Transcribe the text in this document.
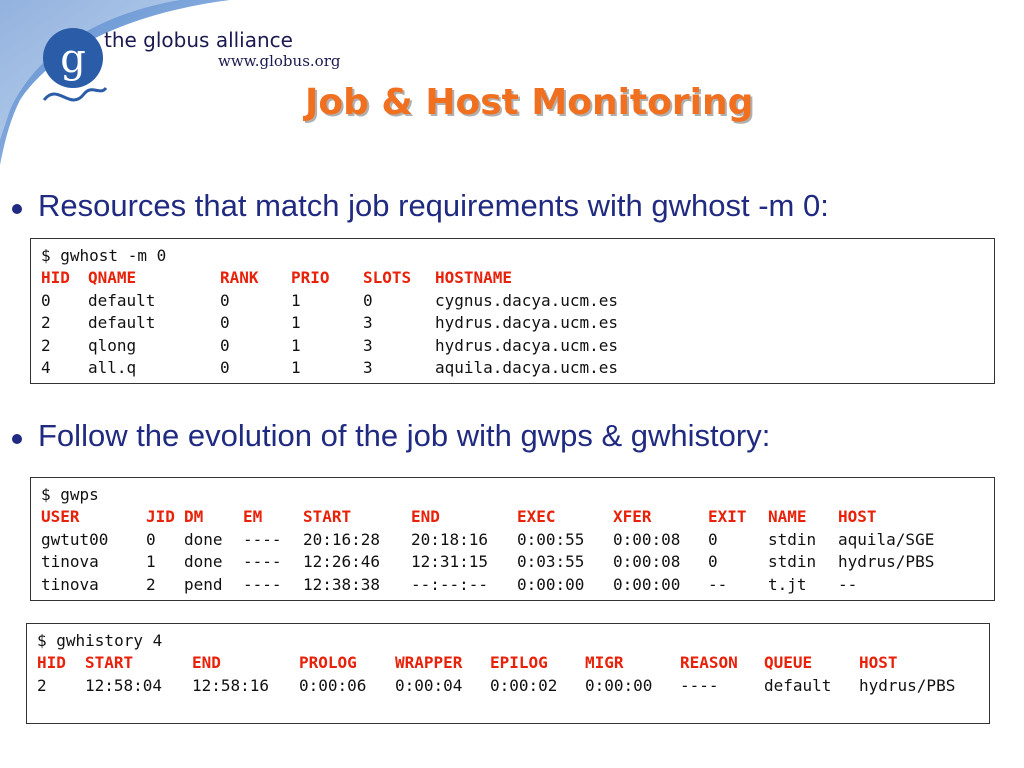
g the globus alliance
www.globus.org
Job & Host Monitoring
Resources that match job requirements with gwhost -m 0:
$ gwhost -m 0
HID QNAME	RANK PRIO SLOTS HOSTNAME
0 default	0	1	0	cygnus.dacya.ucm.es
2 default	0	1	3	hydrus.dacya.ucm.es
2 qlong	0	1	3	hydrus.dacya.ucm.es
4 all.q	0	1	3	aquila.dacya.ucm.es
Follow the evolution of the job with gwps & gwhistory:
$ gwps
USER	JID DM EM	START	END	EXEC	XFER	EXIT NAME HOST
gwtut00 0 done ---- 20:16:28 20:18:16 0:00:55 0:00:08 0	stdin aquila/SGE
tinova	1 done ---- 12:26:46 12:31:15 0:03:55 0:00:08 0	stdin hydrus/PBS
tinova	2 pend ---- 12:38:38 --:--:-- 0:00:00 0:00:00 --	t.jt --
$ gwhistory 4
HID START	END	PROLOG WRAPPER EPILOG MIGR	REASON QUEUE	HOST
2 12:58:04 12:58:16 0:00:06 0:00:04 0:00:02 0:00:00 ----	default hydrus/PBS
